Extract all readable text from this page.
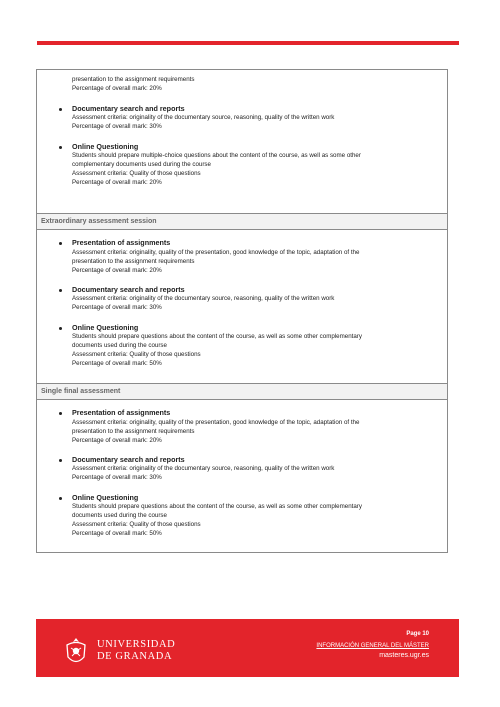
presentation to the assignment requirements
Percentage of overall mark: 20%
Documentary search and reports
Assessment criteria: originality of the documentary source, reasoning, quality of the written work
Percentage of overall mark: 30%
Online Questioning
Students should prepare multiple-choice questions about the content of the course, as well as some other
complementary documents used during the course
Assessment criteria: Quality of those questions
Percentage of overall mark: 20%
Extraordinary assessment session
Presentation of assignments
Assessment criteria: originality, quality of the presentation, good knowledge of the topic, adaptation of the
presentation to the assignment requirements
Percentage of overall mark: 20%
Documentary search and reports
Assessment criteria: originality of the documentary source, reasoning, quality of the written work
Percentage of overall mark: 30%
Online Questioning
Students should prepare questions about the content of the course, as well as some other complementary
documents used during the course
Assessment criteria: Quality of those questions
Percentage of overall mark: 50%
Single final assessment
Presentation of assignments
Assessment criteria: originality, quality of the presentation, good knowledge of the topic, adaptation of the
presentation to the assignment requirements
Percentage of overall mark: 20%
Documentary search and reports
Assessment criteria: originality of the documentary source, reasoning, quality of the written work
Percentage of overall mark: 30%
Online Questioning
Students should prepare questions about the content of the course, as well as some other complementary
documents used during the course
Assessment criteria: Quality of those questions
Percentage of overall mark: 50%
UNIVERSIDAD
DE GRANADA
Page 10
INFORMACIÓN GENERAL DEL MÁSTER
masteres.ugr.es
